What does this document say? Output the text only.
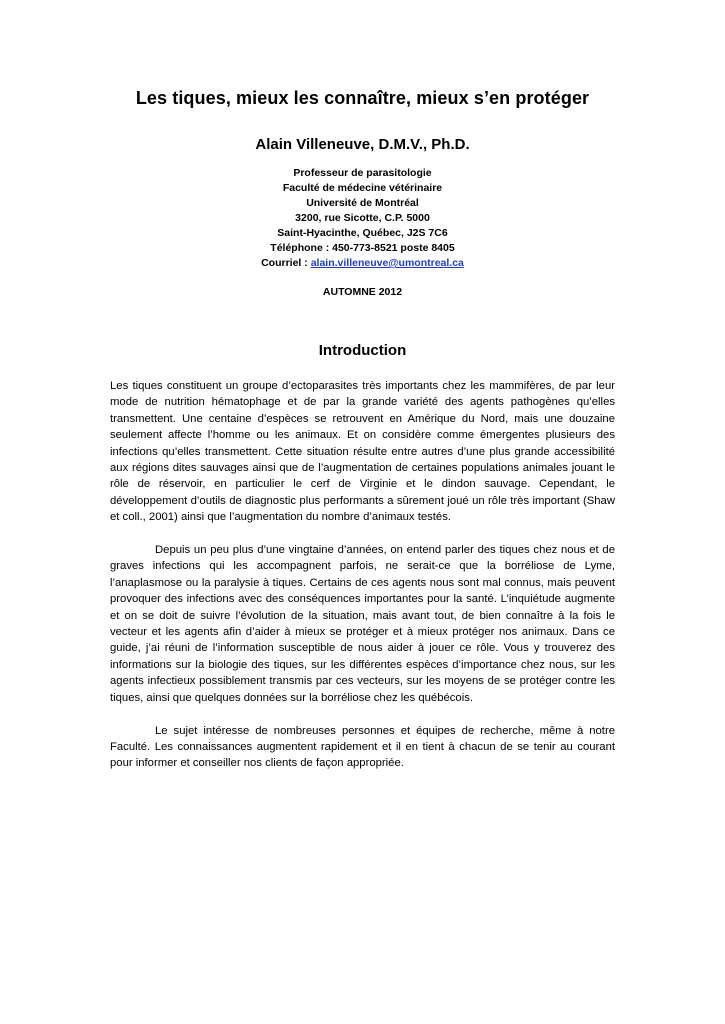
Les tiques, mieux les connaître, mieux s’en protéger
Alain Villeneuve, D.M.V., Ph.D.
Professeur de parasitologie
Faculté de médecine vétérinaire
Université de Montréal
3200, rue Sicotte, C.P. 5000
Saint-Hyacinthe, Québec, J2S 7C6
Téléphone : 450-773-8521 poste 8405
Courriel : alain.villeneuve@umontreal.ca
AUTOMNE 2012
Introduction

Les tiques constituent un groupe d’ectoparasites très importants chez les mammifères, de par leur mode de nutrition hématophage et de par la grande variété des agents pathogènes qu’elles transmettent. Une centaine d’espèces se retrouvent en Amérique du Nord, mais une douzaine seulement affecte l’homme ou les animaux. Et on considère comme émergentes plusieurs des infections qu’elles transmettent. Cette situation résulte entre autres d’une plus grande accessibilité aux régions dites sauvages ainsi que de l’augmentation de certaines populations animales jouant le rôle de réservoir, en particulier le cerf de Virginie et le dindon sauvage. Cependant, le développement d’outils de diagnostic plus performants a sûrement joué un rôle très important (Shaw et coll., 2001) ainsi que l’augmentation du nombre d’animaux testés.

Depuis un peu plus d’une vingtaine d’années, on entend parler des tiques chez nous et de graves infections qui les accompagnent parfois, ne serait-ce que la borréliose de Lyme, l’anaplasmose ou la paralysie à tiques. Certains de ces agents nous sont mal connus, mais peuvent provoquer des infections avec des conséquences importantes pour la santé. L’inquiétude augmente et on se doit de suivre l’évolution de la situation, mais avant tout, de bien connaître à la fois le vecteur et les agents afin d’aider à mieux se protéger et à mieux protéger nos animaux. Dans ce guide, j’ai réuni de l’information susceptible de nous aider à jouer ce rôle. Vous y trouverez des informations sur la biologie des tiques, sur les différentes espèces d’importance chez nous, sur les agents infectieux possiblement transmis par ces vecteurs, sur les moyens de se protéger contre les tiques, ainsi que quelques données sur la borréliose chez les québécois.

Le sujet intéresse de nombreuses personnes et équipes de recherche, même à notre Faculté. Les connaissances augmentent rapidement et il en tient à chacun de se tenir au courant pour informer et conseiller nos clients de façon appropriée.
